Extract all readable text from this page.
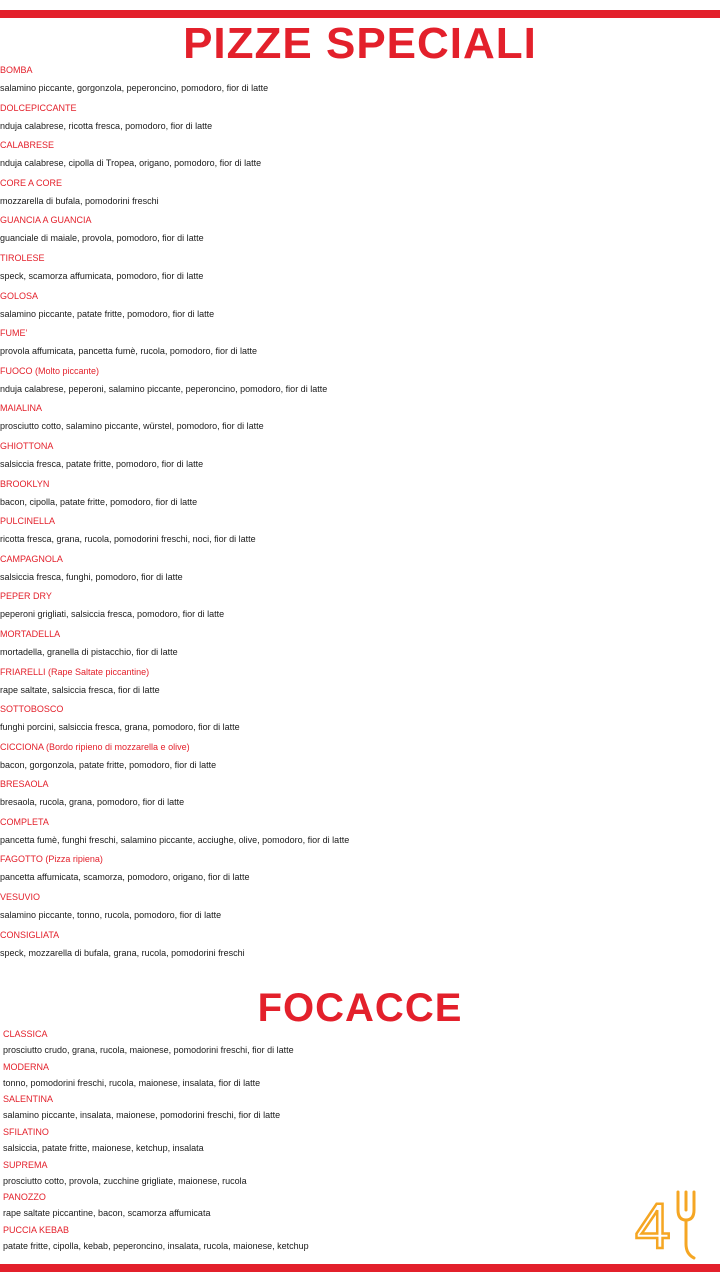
PIZZE SPECIALI
BOMBA
salamino piccante, gorgonzola, peperoncino, pomodoro, fior di latte
DOLCEPICCANTE
nduja calabrese, ricotta fresca, pomodoro, fior di latte
CALABRESE
nduja calabrese, cipolla di Tropea, origano, pomodoro, fior di latte
CORE A CORE
mozzarella di bufala, pomodorini freschi
GUANCIA A GUANCIA
guanciale di maiale, provola, pomodoro, fior di latte
TIROLESE
speck, scamorza affumicata, pomodoro, fior di latte
GOLOSA
salamino piccante, patate fritte, pomodoro, fior di latte
FUME’
provola affumicata, pancetta fumè, rucola, pomodoro, fior di latte
FUOCO (Molto piccante)
nduja calabrese, peperoni, salamino piccante, peperoncino, pomodoro, fior di latte
MAIALINA
prosciutto cotto, salamino piccante, würstel, pomodoro, fior di latte
GHIOTTONA
salsiccia fresca, patate fritte, pomodoro, fior di latte
BROOKLYN
bacon, cipolla, patate fritte, pomodoro, fior di latte
PULCINELLA
ricotta fresca, grana, rucola, pomodorini freschi, noci, fior di latte
CAMPAGNOLA
salsiccia fresca, funghi, pomodoro, fior di latte
PEPER DRY
peperoni grigliati, salsiccia fresca, pomodoro, fior di latte
MORTADELLA
mortadella, granella di pistacchio, fior di latte
FRIARELLI (Rape Saltate piccantine)
rape saltate, salsiccia fresca, fior di latte
SOTTOBOSCO
funghi porcini, salsiccia fresca, grana, pomodoro, fior di latte
CICCIONA (Bordo ripieno di mozzarella e olive)
bacon, gorgonzola, patate fritte, pomodoro, fior di latte
BRESAOLA
bresaola, rucola, grana, pomodoro, fior di latte
COMPLETA
pancetta fumè, funghi freschi, salamino piccante, acciughe, olive, pomodoro, fior di latte
FAGOTTO (Pizza ripiena)
pancetta affumicata, scamorza, pomodoro, origano, fior di latte
VESUVIO
salamino piccante, tonno, rucola, pomodoro, fior di latte
CONSIGLIATA
speck, mozzarella di bufala, grana, rucola, pomodorini freschi
FOCACCE
CLASSICA
prosciutto crudo, grana, rucola, maionese, pomodorini freschi, fior di latte
MODERNA
tonno, pomodorini freschi, rucola, maionese, insalata, fior di latte
SALENTINA
salamino piccante, insalata, maionese, pomodorini freschi, fior di latte
SFILATINO
salsiccia, patate fritte, maionese, ketchup, insalata
SUPREMA
prosciutto cotto, provola, zucchine grigliate, maionese, rucola
PANOZZO
rape saltate piccantine, bacon, scamorza affumicata
PUCCIA KEBAB
patate fritte, cipolla, kebab, peperoncino, insalata, rucola, maionese, ketchup	4
